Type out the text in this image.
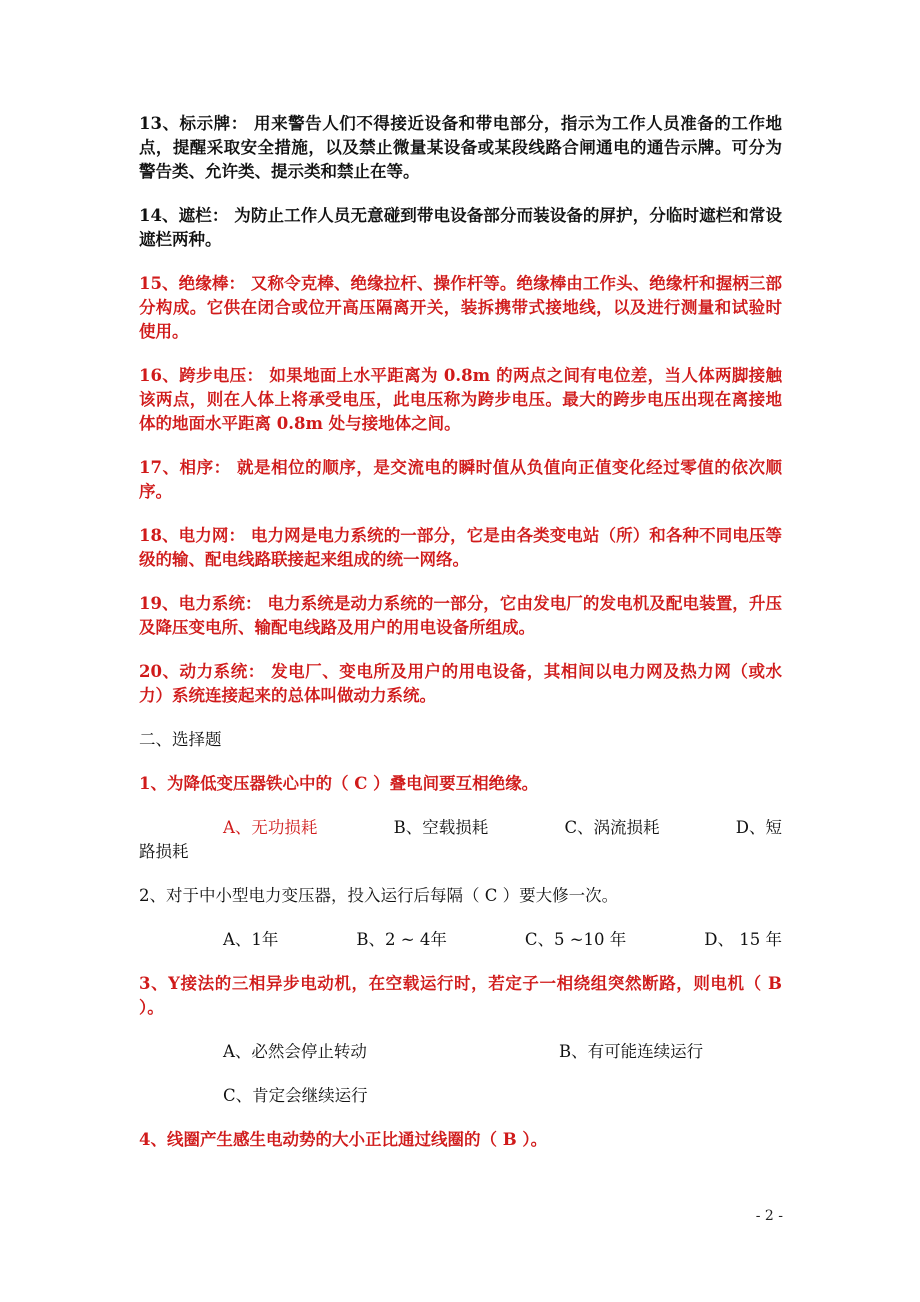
13、标示牌： 用来警告人们不得接近设备和带电部分，指示为工作人员准备的工作地点，提醒采取安全措施，以及禁止微量某设备或某段线路合闸通电的通告示牌。可分为警告类、允许类、提示类和禁止在等。

14、遮栏： 为防止工作人员无意碰到带电设备部分而装设备的屏护，分临时遮栏和常设遮栏两种。

15、绝缘棒： 又称令克棒、绝缘拉杆、操作杆等。绝缘棒由工作头、绝缘杆和握柄三部分构成。它供在闭合或位开高压隔离开关，装拆携带式接地线，以及进行测量和试验时使用。

16、跨步电压： 如果地面上水平距离为 0.8m 的两点之间有电位差，当人体两脚接触该两点，则在人体上将承受电压，此电压称为跨步电压。最大的跨步电压出现在离接地体的地面水平距离 0.8m 处与接地体之间。

17、相序： 就是相位的顺序，是交流电的瞬时值从负值向正值变化经过零值的依次顺序。

18、电力网： 电力网是电力系统的一部分，它是由各类变电站（所）和各种不同电压等级的输、配电线路联接起来组成的统一网络。

19、电力系统： 电力系统是动力系统的一部分，它由发电厂的发电机及配电装置，升压及降压变电所、输配电线路及用户的用电设备所组成。

20、动力系统： 发电厂、变电所及用户的用电设备，其相间以电力网及热力网（或水力）系统连接起来的总体叫做动力系统。

二、选择题

1、为降低变压器铁心中的（ C ）叠电间要互相绝缘。

A、无功损耗	B、空载损耗	C、涡流损耗	D、短

路损耗

2、对于中小型电力变压器，投入运行后每隔（ C ）要大修一次。

A、1年	B、2 ~ 4年	C、5 ~10 年	D、 15 年

3、Y接法的三相异步电动机，在空载运行时，若定子一相绕组突然断路，则电机（ B ）。

A、必然会停止转动	B、有可能连续运行
C、肯定会继续运行

4、线圈产生感生电动势的大小正比通过线圈的（ B ）。

- 2 -
